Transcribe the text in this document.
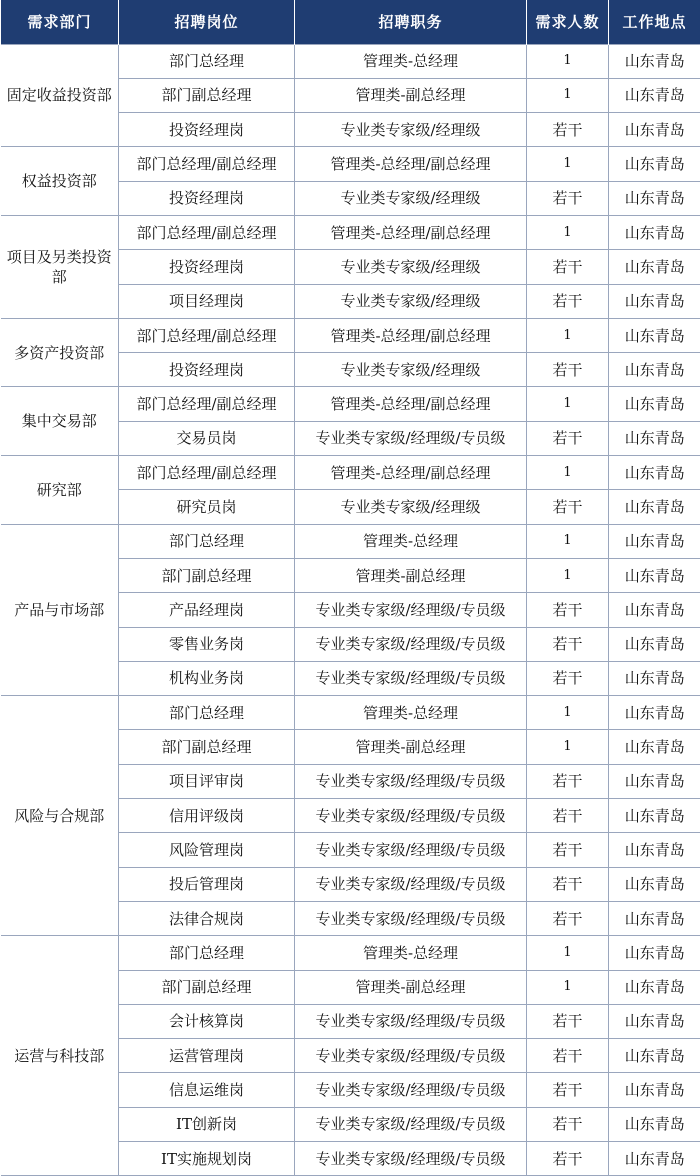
需求部门	招聘岗位	招聘职务	需求人数	工作地点
固定收益投资部	部门总经理	管理类-总经理	1	山东青岛
	部门副总经理	管理类-副总经理	1	山东青岛
	投资经理岗	专业类专家级/经理级	若干	山东青岛
权益投资部	部门总经理/副总经理	管理类-总经理/副总经理	1	山东青岛
	投资经理岗	专业类专家级/经理级	若干	山东青岛
项目及另类投资部	部门总经理/副总经理	管理类-总经理/副总经理	1	山东青岛
	投资经理岗	专业类专家级/经理级	若干	山东青岛
	项目经理岗	专业类专家级/经理级	若干	山东青岛
多资产投资部	部门总经理/副总经理	管理类-总经理/副总经理	1	山东青岛
	投资经理岗	专业类专家级/经理级	若干	山东青岛
集中交易部	部门总经理/副总经理	管理类-总经理/副总经理	1	山东青岛
	交易员岗	专业类专家级/经理级/专员级	若干	山东青岛
研究部	部门总经理/副总经理	管理类-总经理/副总经理	1	山东青岛
	研究员岗	专业类专家级/经理级	若干	山东青岛
产品与市场部	部门总经理	管理类-总经理	1	山东青岛
	部门副总经理	管理类-副总经理	1	山东青岛
	产品经理岗	专业类专家级/经理级/专员级	若干	山东青岛
	零售业务岗	专业类专家级/经理级/专员级	若干	山东青岛
	机构业务岗	专业类专家级/经理级/专员级	若干	山东青岛
风险与合规部	部门总经理	管理类-总经理	1	山东青岛
	部门副总经理	管理类-副总经理	1	山东青岛
	项目评审岗	专业类专家级/经理级/专员级	若干	山东青岛
	信用评级岗	专业类专家级/经理级/专员级	若干	山东青岛
	风险管理岗	专业类专家级/经理级/专员级	若干	山东青岛
	投后管理岗	专业类专家级/经理级/专员级	若干	山东青岛
	法律合规岗	专业类专家级/经理级/专员级	若干	山东青岛
运营与科技部	部门总经理	管理类-总经理	1	山东青岛
	部门副总经理	管理类-副总经理	1	山东青岛
	会计核算岗	专业类专家级/经理级/专员级	若干	山东青岛
	运营管理岗	专业类专家级/经理级/专员级	若干	山东青岛
	信息运维岗	专业类专家级/经理级/专员级	若干	山东青岛
	IT创新岗	专业类专家级/经理级/专员级	若干	山东青岛
	IT实施规划岗	专业类专家级/经理级/专员级	若干	山东青岛
